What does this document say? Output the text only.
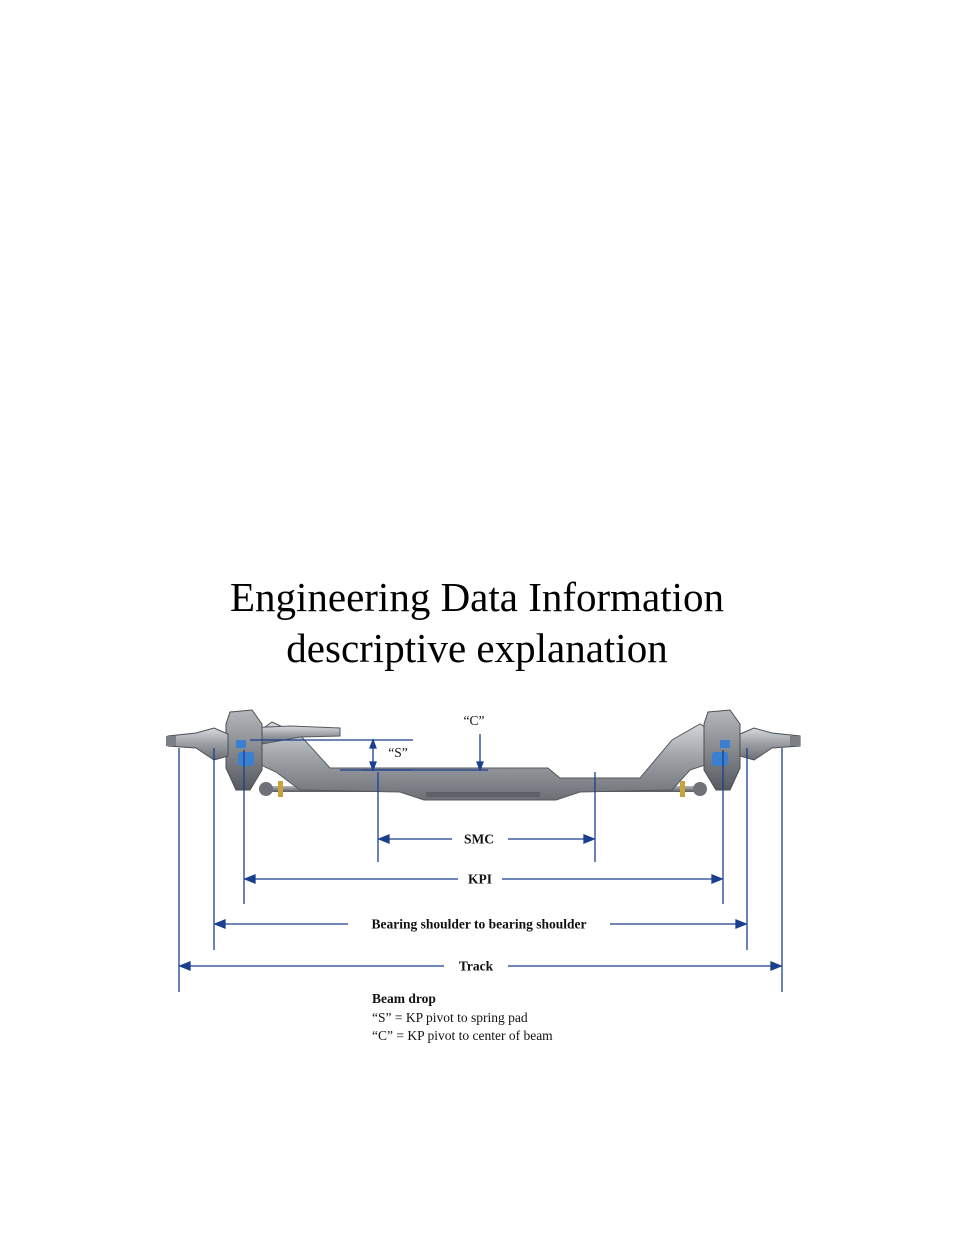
Engineering Data Information
descriptive explanation
“C”
“S”
SMC
KPI
Bearing shoulder to bearing shoulder
Track
Beam drop
“S” = KP pivot to spring pad
“C” = KP pivot to center of beam
